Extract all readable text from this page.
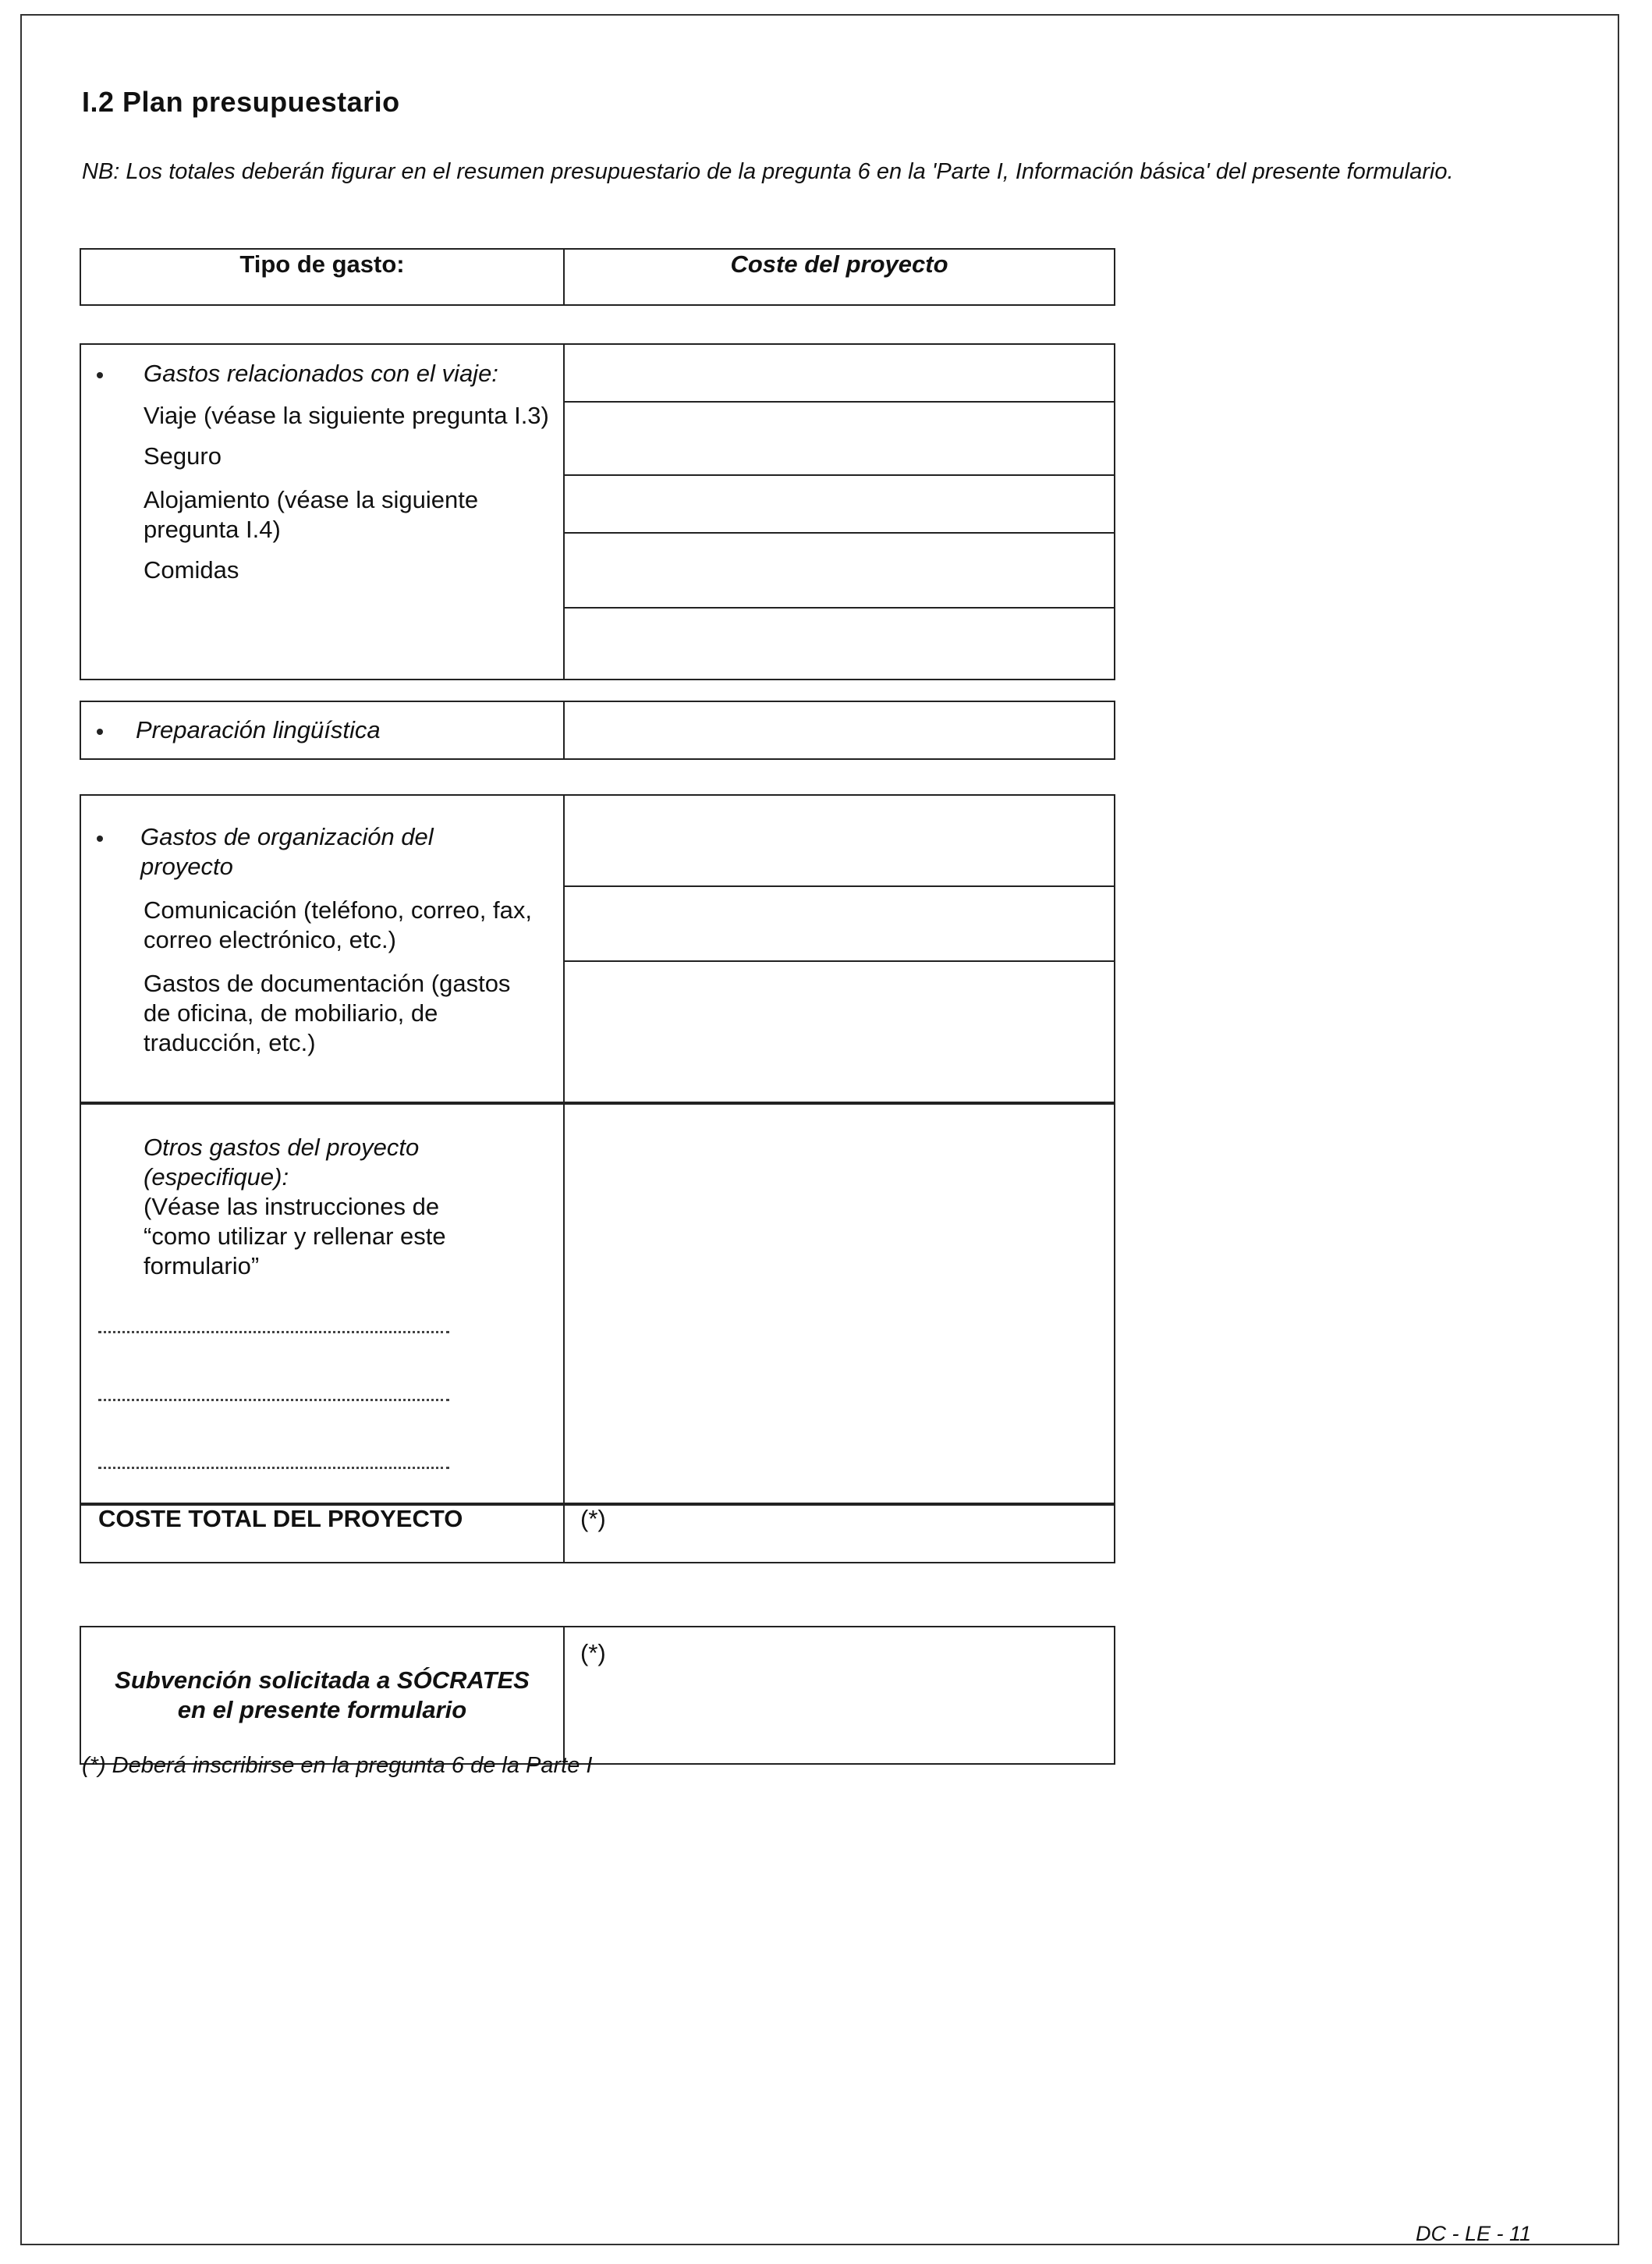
I.2 Plan presupuestario
NB: Los totales deberán figurar en el resumen presupuestario de la pregunta 6 en la 'Parte I, Información básica' del presente formulario.
Tipo de gasto:	Coste del proyecto
Gastos relacionados con el viaje:
Viaje (véase la siguiente pregunta I.3)
Seguro
Alojamiento (véase la siguiente pregunta I.4)
Comidas

Preparación lingüística

Gastos de organización del proyecto
Comunicación (teléfono, correo, fax, correo electrónico, etc.)
Gastos de documentación (gastos de oficina, de mobiliario, de traducción, etc.)

Otros gastos del proyecto (especifique):
(Véase las instrucciones de “como utilizar y rellenar este formulario”

COSTE TOTAL DEL PROYECTO	(*)
Subvención solicitada a SÓCRATES en el presente formulario	(*)
(*) Deberá inscribirse en la pregunta 6 de la Parte I
DC - LE - 11
